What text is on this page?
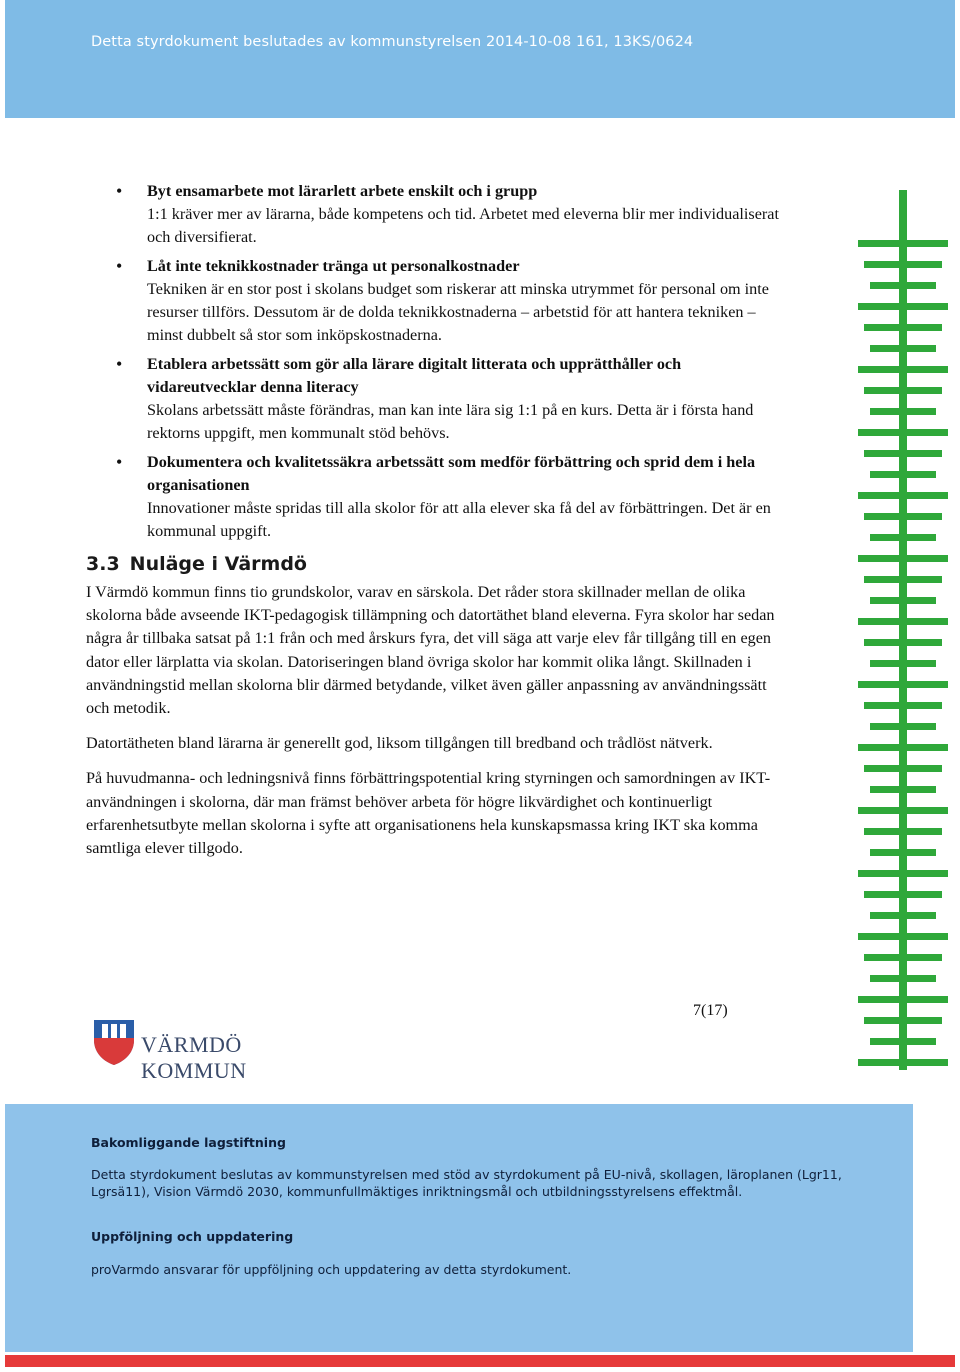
Detta styrdokument beslutades av kommunstyrelsen 2014-10-08 161, 13KS/0624
• Byt ensamarbete mot lärarlett arbete enskilt och i grupp
1:1 kräver mer av lärarna, både kompetens och tid. Arbetet med eleverna blir mer individualiserat och diversifierat.
• Låt inte teknikkostnader tränga ut personalkostnader
Tekniken är en stor post i skolans budget som riskerar att minska utrymmet för personal om inte resurser tillförs. Dessutom är de dolda teknikkostnaderna – arbetstid för att hantera tekniken – minst dubbelt så stor som inköpskostnaderna.
• Etablera arbetssätt som gör alla lärare digitalt litterata och upprätthåller och vidareutvecklar denna literacy
Skolans arbetssätt måste förändras, man kan inte lära sig 1:1 på en kurs. Detta är i första hand rektorns uppgift, men kommunalt stöd behövs.
• Dokumentera och kvalitetssäkra arbetssätt som medför förbättring och sprid dem i hela organisationen
Innovationer måste spridas till alla skolor för att alla elever ska få del av förbättringen. Det är en kommunal uppgift.
3.3 Nuläge i Värmdö

I Värmdö kommun finns tio grundskolor, varav en särskola. Det råder stora skillnader mellan de olika skolorna både avseende IKT-pedagogisk tillämpning och datortäthet bland eleverna. Fyra skolor har sedan några år tillbaka satsat på 1:1 från och med årskurs fyra, det vill säga att varje elev får tillgång till en egen dator eller lärplatta via skolan. Datoriseringen bland övriga skolor har kommit olika långt. Skillnaden i användningstid mellan skolorna blir därmed betydande, vilket även gäller anpassning av användningssätt och metodik.

Datortätheten bland lärarna är generellt god, liksom tillgången till bredband och trådlöst nätverk.

På huvudmanna- och ledningsnivå finns förbättringspotential kring styrningen och samordningen av IKT-användningen i skolorna, där man främst behöver arbeta för högre likvärdighet och kontinuerligt erfarenhetsutbyte mellan skolorna i syfte att organisationens hela kunskapsmassa kring IKT ska komma samtliga elever tillgodo.

7(17)
VÄRMDÖ KOMMUN
Bakomliggande lagstiftning
Detta styrdokument beslutas av kommunstyrelsen med stöd av styrdokument på EU-nivå, skollagen, läroplanen (Lgr11, Lgrsä11), Vision Värmdö 2030, kommunfullmäktiges inriktningsmål och utbildningsstyrelsens effektmål.
Uppföljning och uppdatering
proVarmdo ansvarar för uppföljning och uppdatering av detta styrdokument.
